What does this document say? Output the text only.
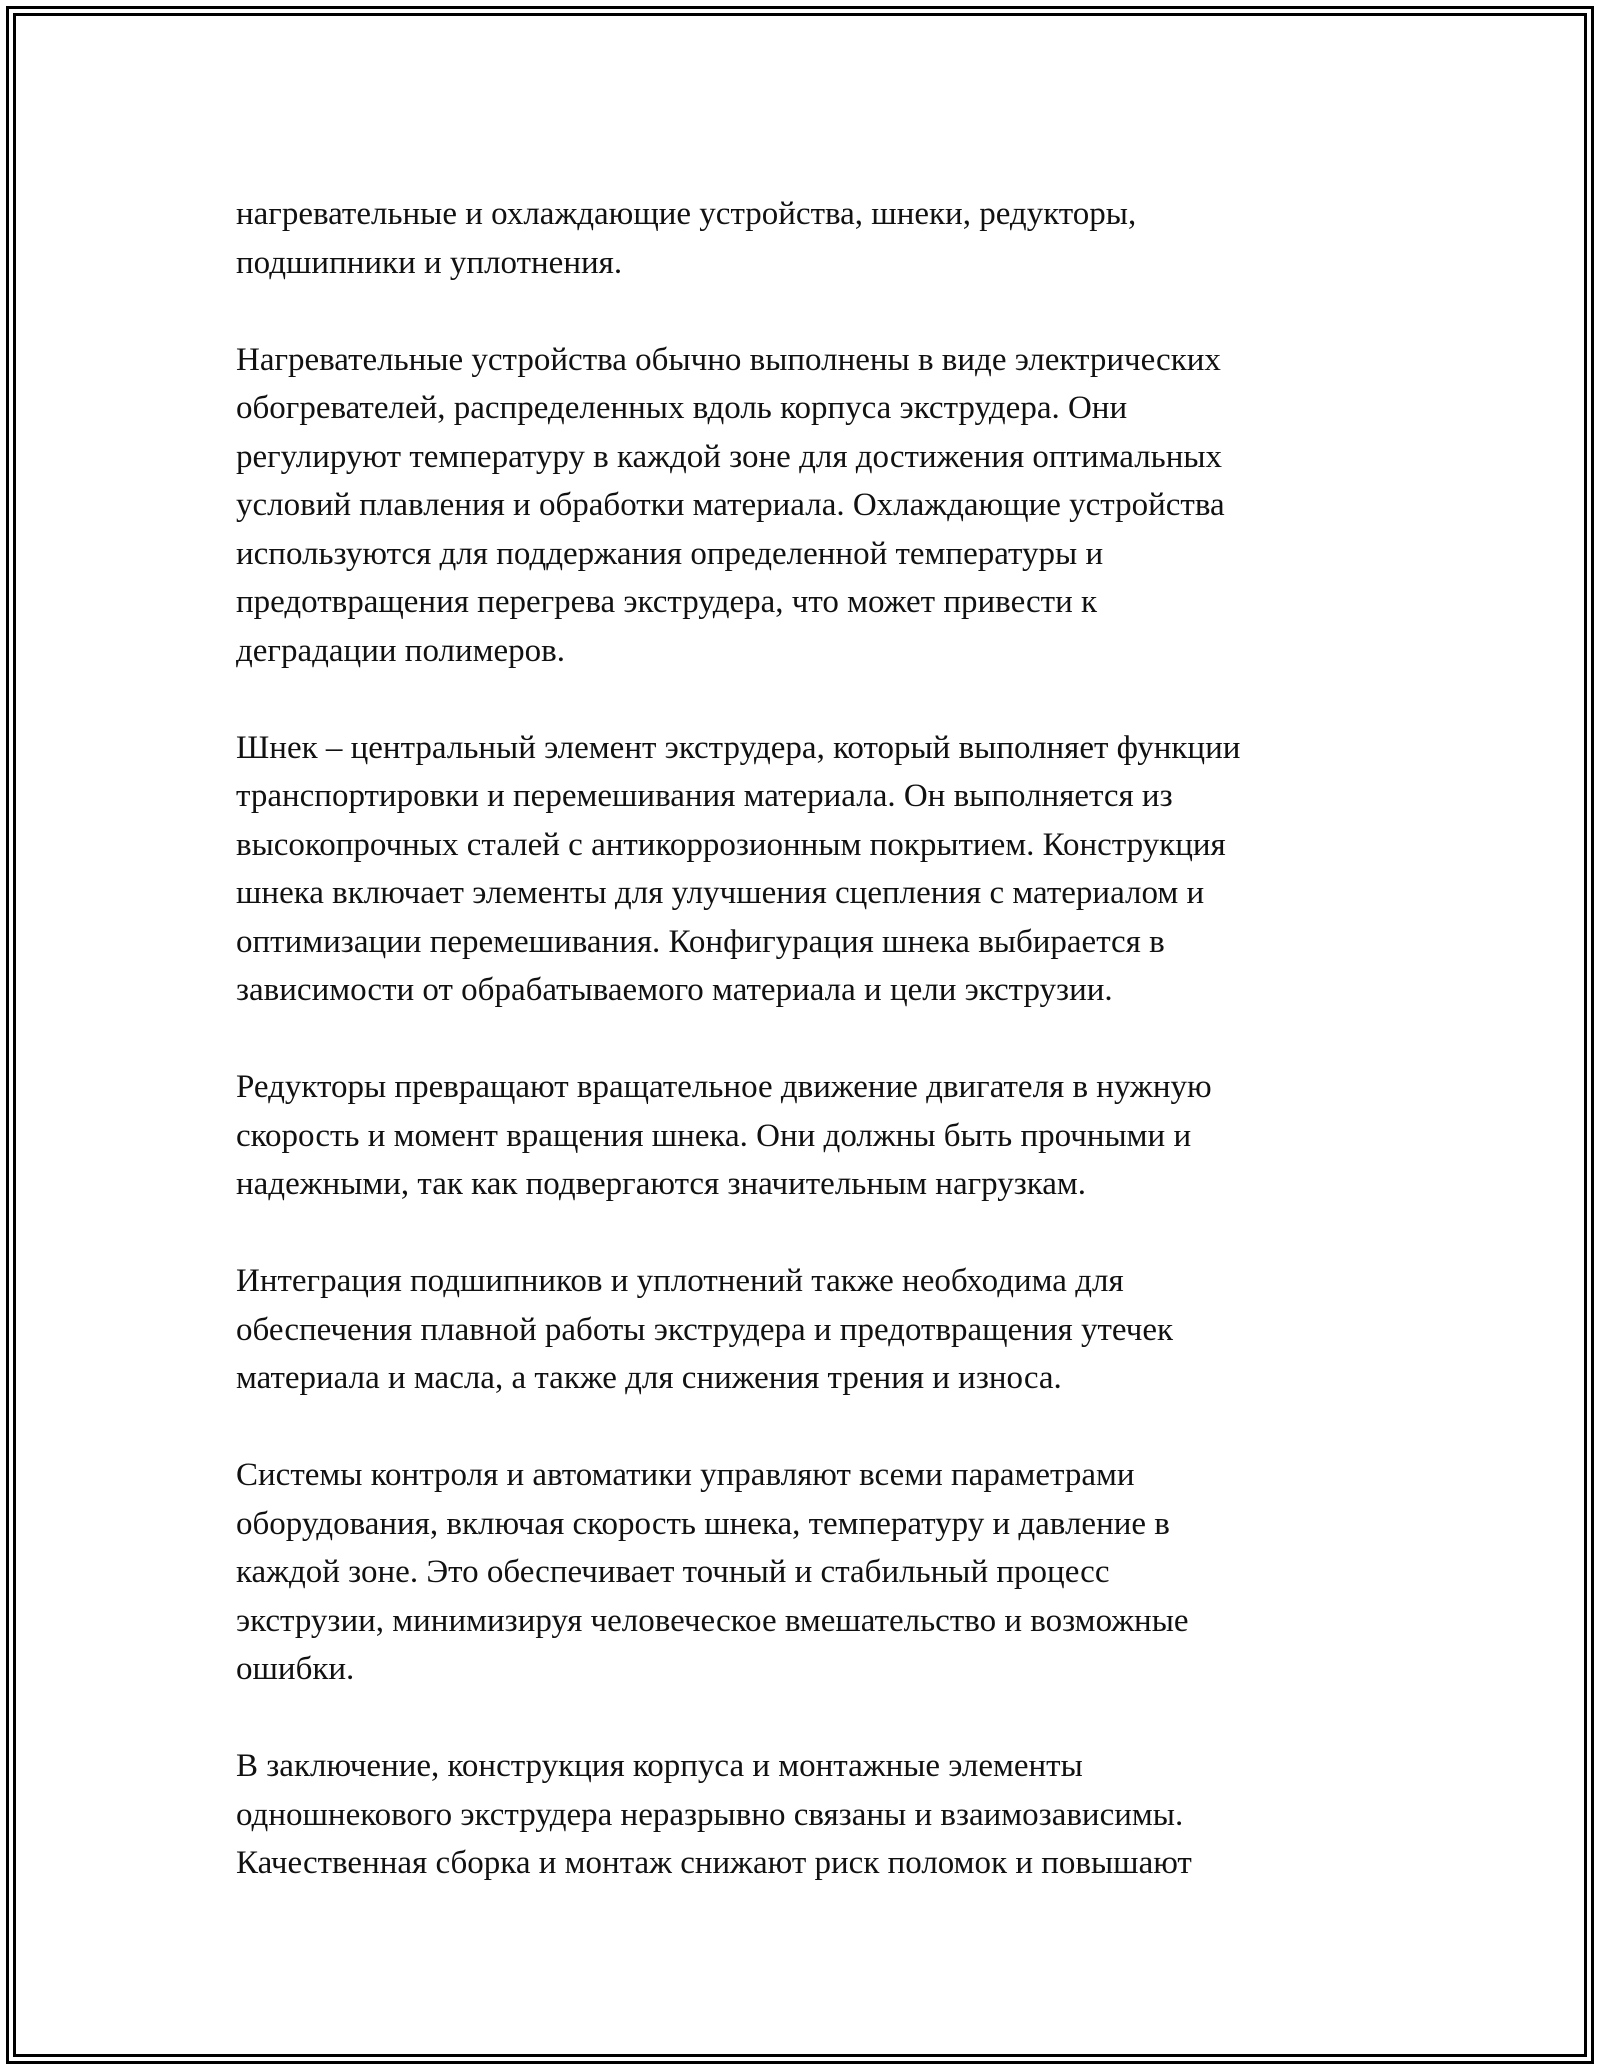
нагревательные и охлаждающие устройства, шнеки, редукторы,
подшипники и уплотнения.

Нагревательные устройства обычно выполнены в виде электрических
обогревателей, распределенных вдоль корпуса экструдера. Они
регулируют температуру в каждой зоне для достижения оптимальных
условий плавления и обработки материала. Охлаждающие устройства
используются для поддержания определенной температуры и
предотвращения перегрева экструдера, что может привести к
деградации полимеров.

Шнек – центральный элемент экструдера, который выполняет функции
транспортировки и перемешивания материала. Он выполняется из
высокопрочных сталей с антикоррозионным покрытием. Конструкция
шнека включает элементы для улучшения сцепления с материалом и
оптимизации перемешивания. Конфигурация шнека выбирается в
зависимости от обрабатываемого материала и цели экструзии.

Редукторы превращают вращательное движение двигателя в нужную
скорость и момент вращения шнека. Они должны быть прочными и
надежными, так как подвергаются значительным нагрузкам.

Интеграция подшипников и уплотнений также необходима для
обеспечения плавной работы экструдера и предотвращения утечек
материала и масла, а также для снижения трения и износа.

Системы контроля и автоматики управляют всеми параметрами
оборудования, включая скорость шнека, температуру и давление в
каждой зоне. Это обеспечивает точный и стабильный процесс
экструзии, минимизируя человеческое вмешательство и возможные
ошибки.

В заключение, конструкция корпуса и монтажные элементы
одношнекового экструдера неразрывно связаны и взаимозависимы.
Качественная сборка и монтаж снижают риск поломок и повышают
